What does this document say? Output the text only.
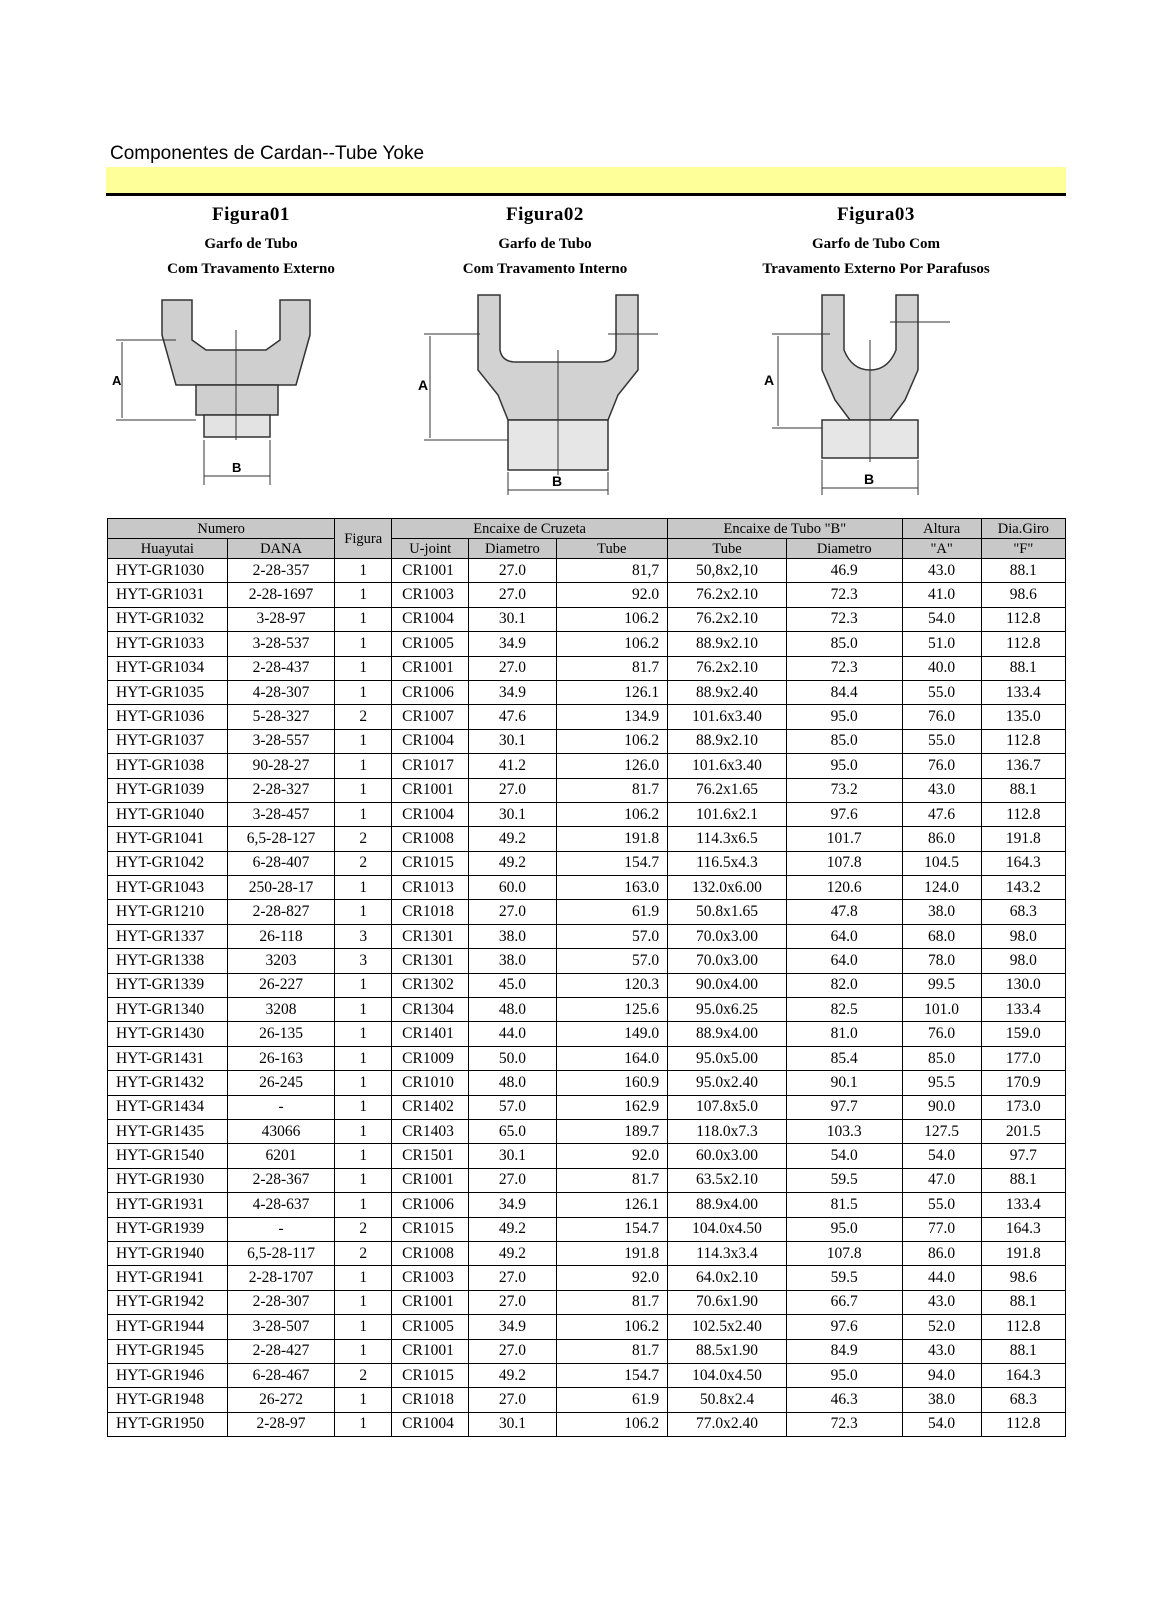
Componentes de Cardan--Tube Yoke
Figura01
Garfo de Tubo
Com Travamento Externo
A
B
Figura02
Garfo de Tubo
Com Travamento Interno
A
B
Figura03
Garfo de Tubo Com
Travamento Externo Por Parafusos
A
B
Numero		Figura	Encaixe de Cruzeta			Encaixe de Tubo "B"		Altura	Dia.Giro
Huayutai	DANA		U-joint	Diametro	Tube	Tube	Diametro	"A"	"F"
HYT-GR1030	2-28-357	1	CR1001	27.0	81,7	50,8x2,10	46.9	43.0	88.1
HYT-GR1031	2-28-1697	1	CR1003	27.0	92.0	76.2x2.10	72.3	41.0	98.6
HYT-GR1032	3-28-97	1	CR1004	30.1	106.2	76.2x2.10	72.3	54.0	112.8
HYT-GR1033	3-28-537	1	CR1005	34.9	106.2	88.9x2.10	85.0	51.0	112.8
HYT-GR1034	2-28-437	1	CR1001	27.0	81.7	76.2x2.10	72.3	40.0	88.1
HYT-GR1035	4-28-307	1	CR1006	34.9	126.1	88.9x2.40	84.4	55.0	133.4
HYT-GR1036	5-28-327	2	CR1007	47.6	134.9	101.6x3.40	95.0	76.0	135.0
HYT-GR1037	3-28-557	1	CR1004	30.1	106.2	88.9x2.10	85.0	55.0	112.8
HYT-GR1038	90-28-27	1	CR1017	41.2	126.0	101.6x3.40	95.0	76.0	136.7
HYT-GR1039	2-28-327	1	CR1001	27.0	81.7	76.2x1.65	73.2	43.0	88.1
HYT-GR1040	3-28-457	1	CR1004	30.1	106.2	101.6x2.1	97.6	47.6	112.8
HYT-GR1041	6,5-28-127	2	CR1008	49.2	191.8	114.3x6.5	101.7	86.0	191.8
HYT-GR1042	6-28-407	2	CR1015	49.2	154.7	116.5x4.3	107.8	104.5	164.3
HYT-GR1043	250-28-17	1	CR1013	60.0	163.0	132.0x6.00	120.6	124.0	143.2
HYT-GR1210	2-28-827	1	CR1018	27.0	61.9	50.8x1.65	47.8	38.0	68.3
HYT-GR1337	26-118	3	CR1301	38.0	57.0	70.0x3.00	64.0	68.0	98.0
HYT-GR1338	3203	3	CR1301	38.0	57.0	70.0x3.00	64.0	78.0	98.0
HYT-GR1339	26-227	1	CR1302	45.0	120.3	90.0x4.00	82.0	99.5	130.0
HYT-GR1340	3208	1	CR1304	48.0	125.6	95.0x6.25	82.5	101.0	133.4
HYT-GR1430	26-135	1	CR1401	44.0	149.0	88.9x4.00	81.0	76.0	159.0
HYT-GR1431	26-163	1	CR1009	50.0	164.0	95.0x5.00	85.4	85.0	177.0
HYT-GR1432	26-245	1	CR1010	48.0	160.9	95.0x2.40	90.1	95.5	170.9
HYT-GR1434	-	1	CR1402	57.0	162.9	107.8x5.0	97.7	90.0	173.0
HYT-GR1435	43066	1	CR1403	65.0	189.7	118.0x7.3	103.3	127.5	201.5
HYT-GR1540	6201	1	CR1501	30.1	92.0	60.0x3.00	54.0	54.0	97.7
HYT-GR1930	2-28-367	1	CR1001	27.0	81.7	63.5x2.10	59.5	47.0	88.1
HYT-GR1931	4-28-637	1	CR1006	34.9	126.1	88.9x4.00	81.5	55.0	133.4
HYT-GR1939	-	2	CR1015	49.2	154.7	104.0x4.50	95.0	77.0	164.3
HYT-GR1940	6,5-28-117	2	CR1008	49.2	191.8	114.3x3.4	107.8	86.0	191.8
HYT-GR1941	2-28-1707	1	CR1003	27.0	92.0	64.0x2.10	59.5	44.0	98.6
HYT-GR1942	2-28-307	1	CR1001	27.0	81.7	70.6x1.90	66.7	43.0	88.1
HYT-GR1944	3-28-507	1	CR1005	34.9	106.2	102.5x2.40	97.6	52.0	112.8
HYT-GR1945	2-28-427	1	CR1001	27.0	81.7	88.5x1.90	84.9	43.0	88.1
HYT-GR1946	6-28-467	2	CR1015	49.2	154.7	104.0x4.50	95.0	94.0	164.3
HYT-GR1948	26-272	1	CR1018	27.0	61.9	50.8x2.4	46.3	38.0	68.3
HYT-GR1950	2-28-97	1	CR1004	30.1	106.2	77.0x2.40	72.3	54.0	112.8
